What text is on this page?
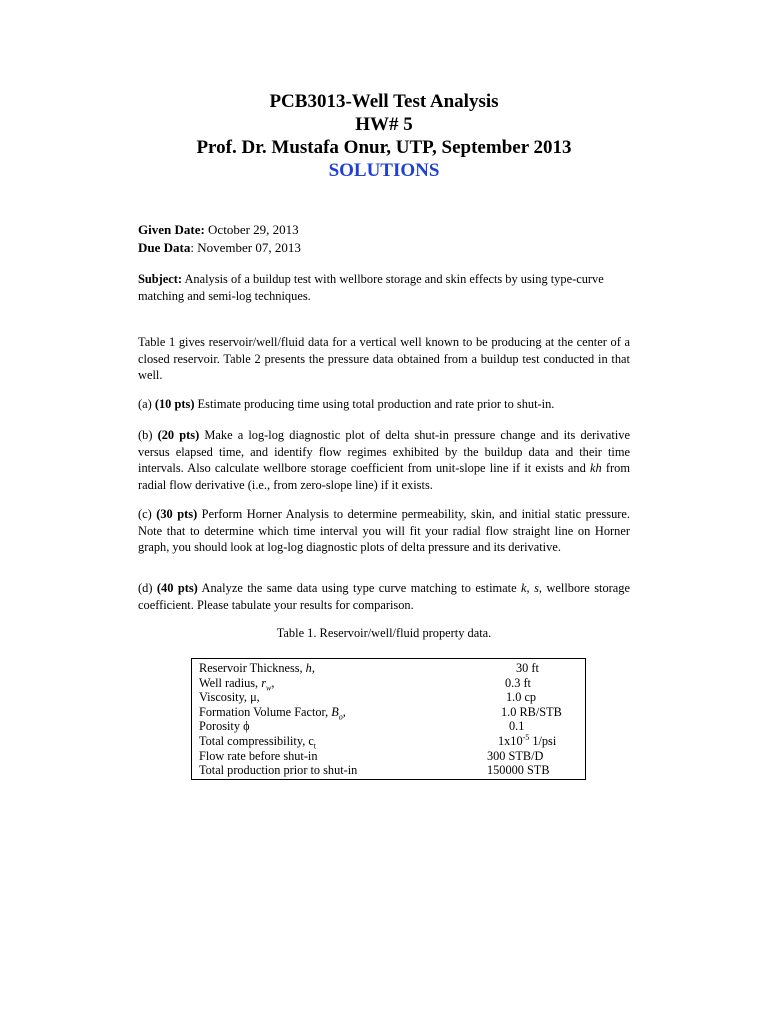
PCB3013-Well Test Analysis
HW# 5
Prof. Dr. Mustafa Onur, UTP, September 2013
SOLUTIONS
Given Date: October 29, 2013
Due Data: November 07, 2013
Subject: Analysis of a buildup test with wellbore storage and skin effects by using type-curve matching and semi-log techniques.
Table 1 gives reservoir/well/fluid data for a vertical well known to be producing at the center of a closed reservoir. Table 2 presents the pressure data obtained from a buildup test conducted in that well.
(a) (10 pts) Estimate producing time using total production and rate prior to shut-in.
(b) (20 pts) Make a log-log diagnostic plot of delta shut-in pressure change and its derivative versus elapsed time, and identify flow regimes exhibited by the buildup data and their time intervals. Also calculate wellbore storage coefficient from unit-slope line if it exists and kh from radial flow derivative (i.e., from zero-slope line) if it exists.
(c) (30 pts) Perform Horner Analysis to determine permeability, skin, and initial static pressure. Note that to determine which time interval you will fit your radial flow straight line on Horner graph, you should look at log-log diagnostic plots of delta pressure and its derivative.
(d) (40 pts) Analyze the same data using type curve matching to estimate k, s, wellbore storage coefficient. Please tabulate your results for comparison.
Table 1. Reservoir/well/fluid property data.
Reservoir Thickness, h,	30 ft
Well radius, $r_w$,	0.3 ft
Viscosity, μ,	1.0 cp
Formation Volume Factor, $B_o$,	1.0 RB/STB
Porosity ϕ	0.1
Total compressibility, $c_t$	$1x10^{-5}$ 1/psi
Flow rate before shut-in	300 STB/D
Total production prior to shut-in	150000 STB
